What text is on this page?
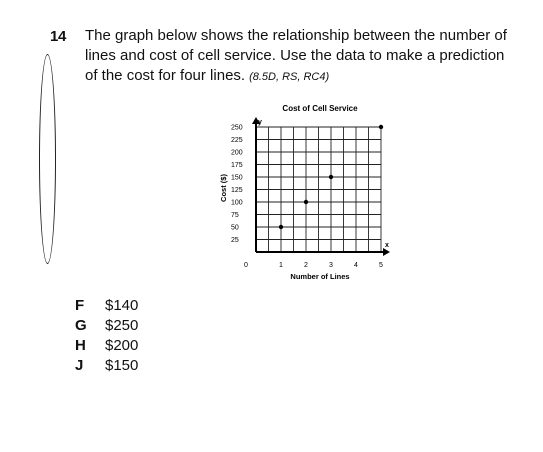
14 The graph below shows the relationship between the number of
lines and cost of cell service. Use the data to make a prediction
of the cost for four lines. (8.5D, RS, RC4)
Cost of Cell Service
Cost ($)
Number of Lines
y
x
25
50
75
100
125
150
175
200
225
250
1	2	3	4	5
0
F	$140
G $250
H	$200
J	$150
